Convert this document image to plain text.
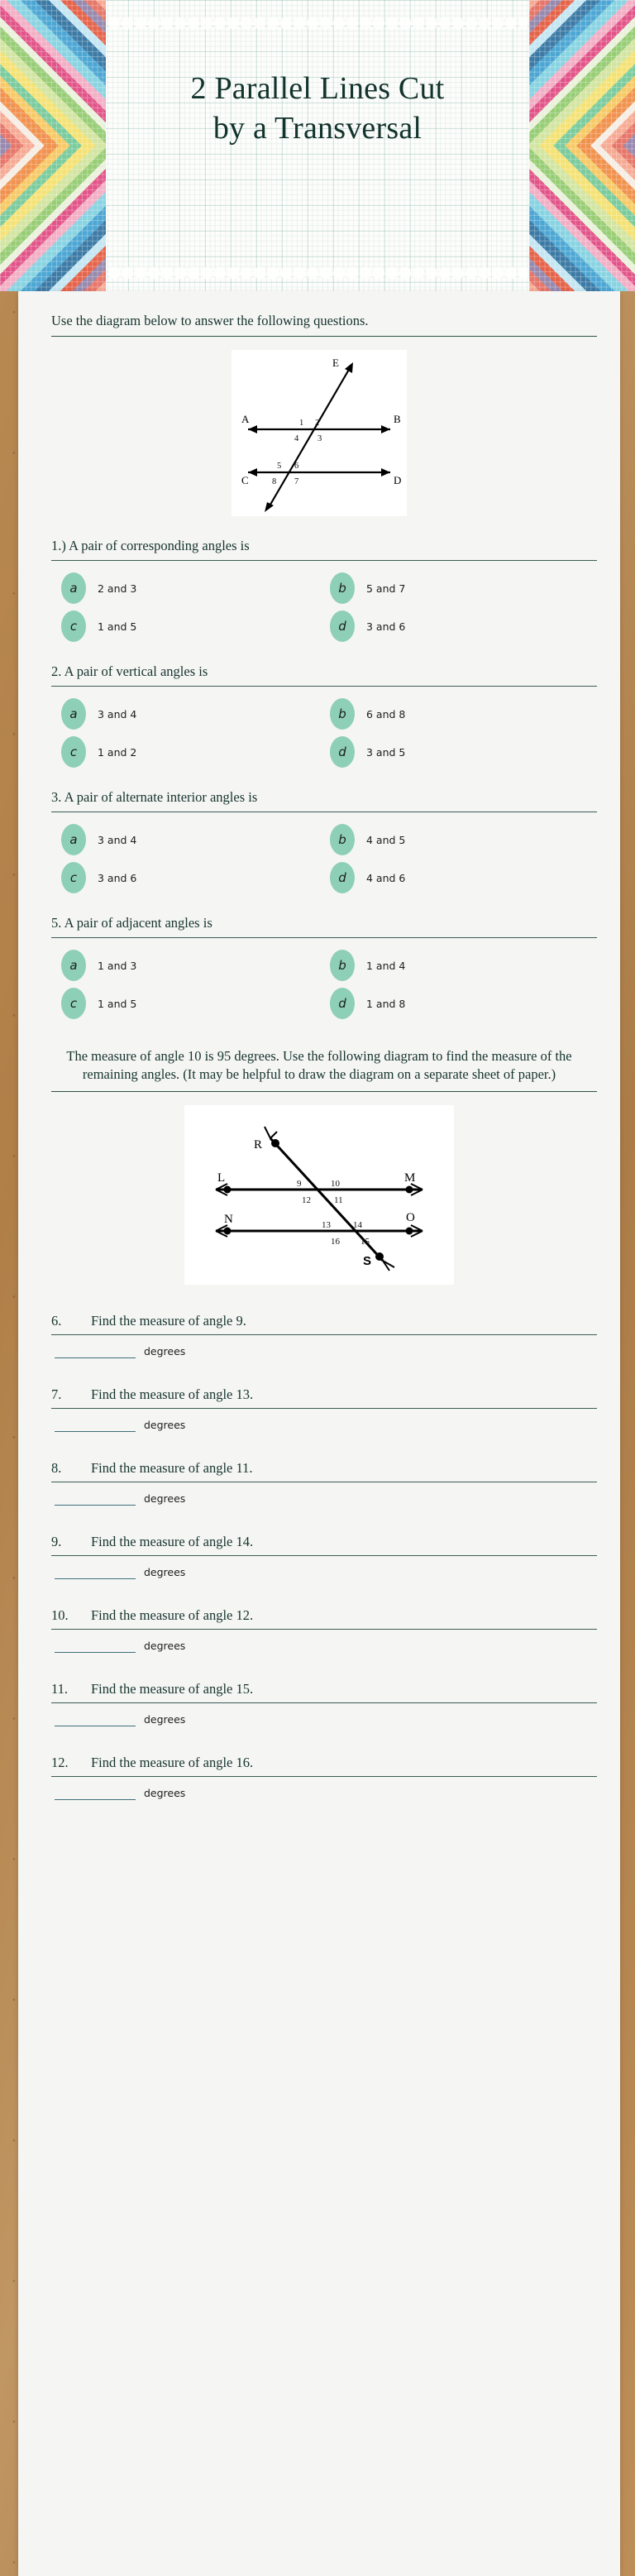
2 Parallel Lines Cut
by a Transversal
Use the diagram below to answer the following questions.
A	B
C	D
E
1 2
3
4
5 6
7
8
1.) A pair of corresponding angles is
a	2 and 3	b	5 and 7
c	1 and 5	d	3 and 6
2. A pair of vertical angles is
a	3 and 4	b	6 and 8
c	1 and 2	d	3 and 5
3. A pair of alternate interior angles is
a	3 and 4	b	4 and 5
c	3 and 6	d	4 and 6
5. A pair of adjacent angles is
a	1 and 3	b	1 and 4
c	1 and 5	d	1 and 8
The measure of angle 10 is 95 degrees. Use the following diagram to find the measure of the remaining angles. (It may be helpful to draw the diagram on a separate sheet of paper.)
R
L	M
N	O
S
9	10
11
12
13 14
15
16
6.	Find the measure of angle 9.
degrees
7.	Find the measure of angle 13.
degrees
8.	Find the measure of angle 11.
degrees
9.	Find the measure of angle 14.
degrees
10.	Find the measure of angle 12.
degrees
11.	Find the measure of angle 15.
degrees
12.	Find the measure of angle 16.
degrees
